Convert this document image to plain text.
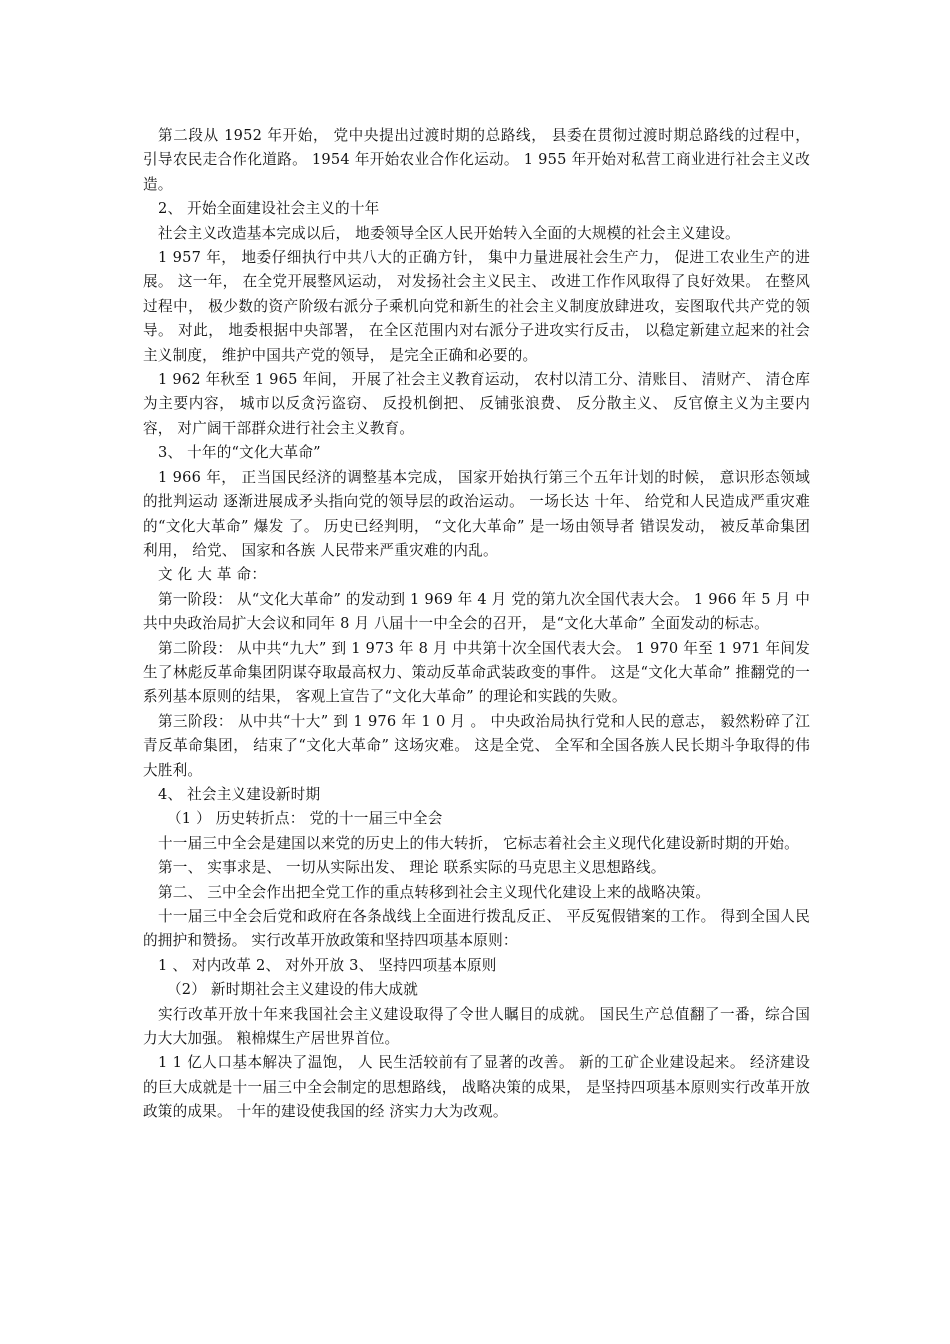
第二段从 1952 年开始， 党中央提出过渡时期的总路线， 县委在贯彻过渡时期总路线的过程中， 引导农民走合作化道路。 1954 年开始农业合作化运动。 1 955 年开始对私营工商业进行社会主义改造。

2、 开始全面建设社会主义的十年

社会主义改造基本完成以后， 地委领导全区人民开始转入全面的大规模的社会主义建设。

1 957 年， 地委仔细执行中共八大的正确方针， 集中力量进展社会生产力， 促进工农业生产的进展。 这一年， 在全党开展整风运动， 对发扬社会主义民主、 改进工作作风取得了良好效果。 在整风过程中， 极少数的资产阶级右派分子乘机向党和新生的社会主义制度放肆进攻，妄图取代共产党的领导。 对此， 地委根据中央部署， 在全区范围内对右派分子进攻实行反击， 以稳定新建立起来的社会主义制度， 维护中国共产党的领导， 是完全正确和必要的。

1 962 年秋至 1 965 年间， 开展了社会主义教育运动， 农村以清工分、清账目、 清财产、 清仓库为主要内容， 城市以反贪污盗窃、 反投机倒把、 反铺张浪费、 反分散主义、 反官僚主义为主要内容， 对广阔干部群众进行社会主义教育。

3、 十年的“文化大革命”

1 966 年， 正当国民经济的调整基本完成， 国家开始执行第三个五年计划的时候， 意识形态领域的批判运动 逐渐进展成矛头指向党的领导层的政治运动。 一场长达 十年、 给党和人民造成严重灾难的“文化大革命” 爆发 了。 历史已经判明， “文化大革命” 是一场由领导者 错误发动， 被反革命集团利用， 给党、 国家和各族 人民带来严重灾难的内乱。

文 化 大 革 命：

第一阶段： 从“文化大革命” 的发动到 1 969 年 4 月 党的第九次全国代表大会。 1 966 年 5 月 中共中央政治局扩大会议和同年 8 月 八届十一中全会的召开， 是“文化大革命” 全面发动的标志。

第二阶段： 从中共“九大” 到 1 973 年 8 月 中共第十次全国代表大会。 1 970 年至 1 971 年间发生了林彪反革命集团阴谋夺取最高权力、策动反革命武装政变的事件。 这是“文化大革命” 推翻党的一系列基本原则的结果， 客观上宣告了“文化大革命” 的理论和实践的失败。

第三阶段： 从中共“十大” 到 1 976 年 1 0 月 。 中央政治局执行党和人民的意志， 毅然粉碎了江青反革命集团， 结束了“文化大革命” 这场灾难。 这是全党、 全军和全国各族人民长期斗争取得的伟大胜利。

4、 社会主义建设新时期

（1 ） 历史转折点： 党的十一届三中全会

十一届三中全会是建国以来党的历史上的伟大转折， 它标志着社会主义现代化建设新时期的开始。

第一、 实事求是、 一切从实际出发、 理论 联系实际的马克思主义思想路线。

第二、 三中全会作出把全党工作的重点转移到社会主义现代化建设上来的战略决策。

十一届三中全会后党和政府在各条战线上全面进行拨乱反正、 平反冤假错案的工作。 得到全国人民的拥护和赞扬。 实行改革开放政策和坚持四项基本原则：

1 、 对内改革 2、 对外开放 3、 坚持四项基本原则

（2） 新时期社会主义建设的伟大成就

实行改革开放十年来我国社会主义建设取得了令世人瞩目的成就。 国民生产总值翻了一番，综合国力大大加强。 粮棉煤生产居世界首位。

1 1 亿人口基本解决了温饱， 人 民生活较前有了显著的改善。 新的工矿企业建设起来。 经济建设的巨大成就是十一届三中全会制定的思想路线， 战略决策的成果， 是坚持四项基本原则实行改革开放政策的成果。 十年的建设使我国的经 济实力大为改观。
